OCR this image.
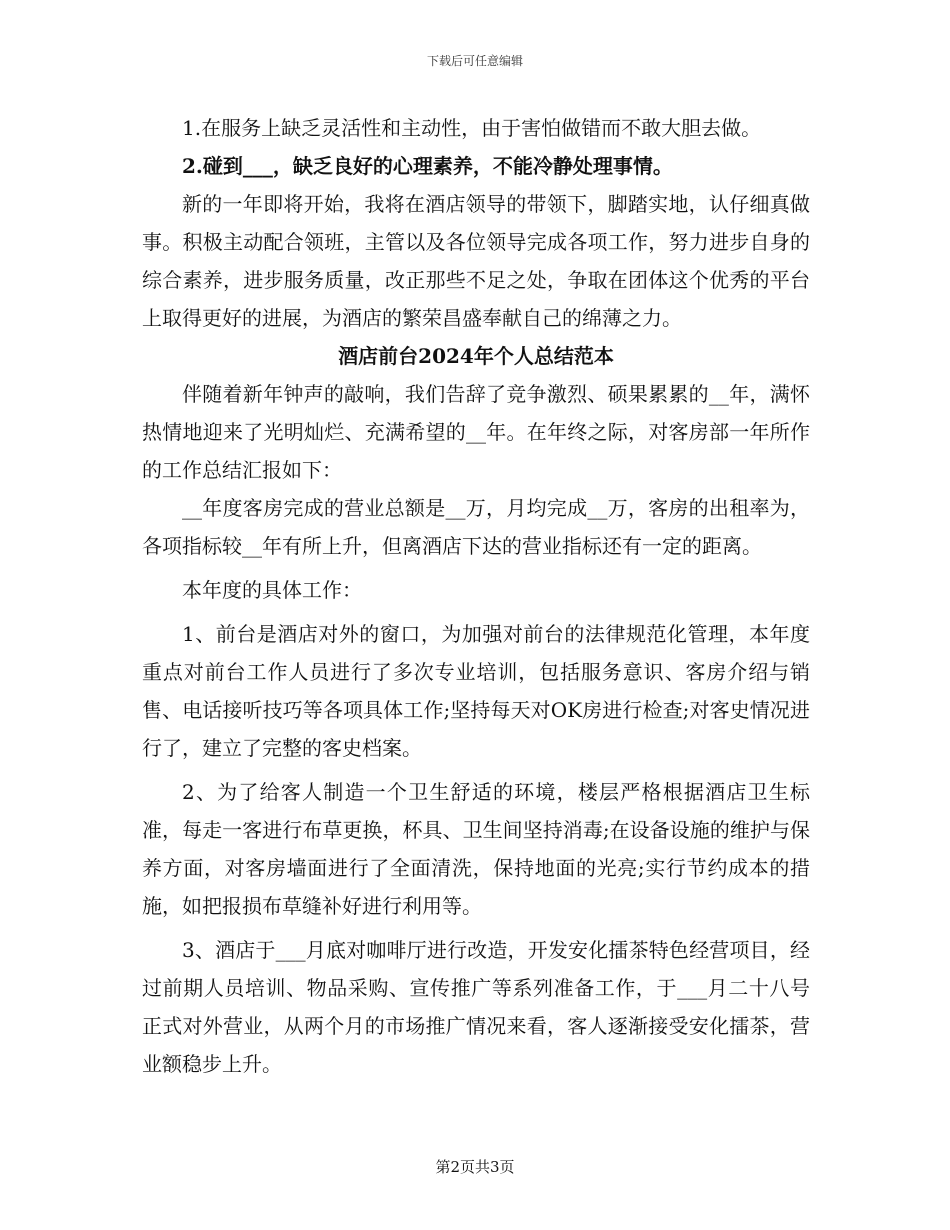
下载后可任意编辑

1.在服务上缺乏灵活性和主动性，由于害怕做错而不敢大胆去做。

2.碰到___，缺乏良好的心理素养，不能冷静处理事情。

新的一年即将开始，我将在酒店领导的带领下，脚踏实地，认仔细真做事。积极主动配合领班，主管以及各位领导完成各项工作，努力进步自身的综合素养，进步服务质量，改正那些不足之处，争取在团体这个优秀的平台上取得更好的进展，为酒店的繁荣昌盛奉献自己的绵薄之力。

酒店前台2024年个人总结范本

伴随着新年钟声的敲响，我们告辞了竞争激烈、硕果累累的__年，满怀热情地迎来了光明灿烂、充满希望的__年。在年终之际，对客房部一年所作的工作总结汇报如下：

__年度客房完成的营业总额是__万，月均完成__万，客房的出租率为，各项指标较__年有所上升，但离酒店下达的营业指标还有一定的距离。

本年度的具体工作：

1、前台是酒店对外的窗口，为加强对前台的法律规范化管理，本年度重点对前台工作人员进行了多次专业培训，包括服务意识、客房介绍与销售、电话接听技巧等各项具体工作;坚持每天对OK房进行检查;对客史情况进行了，建立了完整的客史档案。

2、为了给客人制造一个卫生舒适的环境，楼层严格根据酒店卫生标准，每走一客进行布草更换，杯具、卫生间坚持消毒;在设备设施的维护与保养方面，对客房墙面进行了全面清洗，保持地面的光亮;实行节约成本的措施，如把报损布草缝补好进行利用等。

3、酒店于___月底对咖啡厅进行改造，开发安化擂茶特色经营项目，经过前期人员培训、物品采购、宣传推广等系列准备工作，于___月二十八号正式对外营业，从两个月的市场推广情况来看，客人逐渐接受安化擂茶，营业额稳步上升。

第2页共3页
